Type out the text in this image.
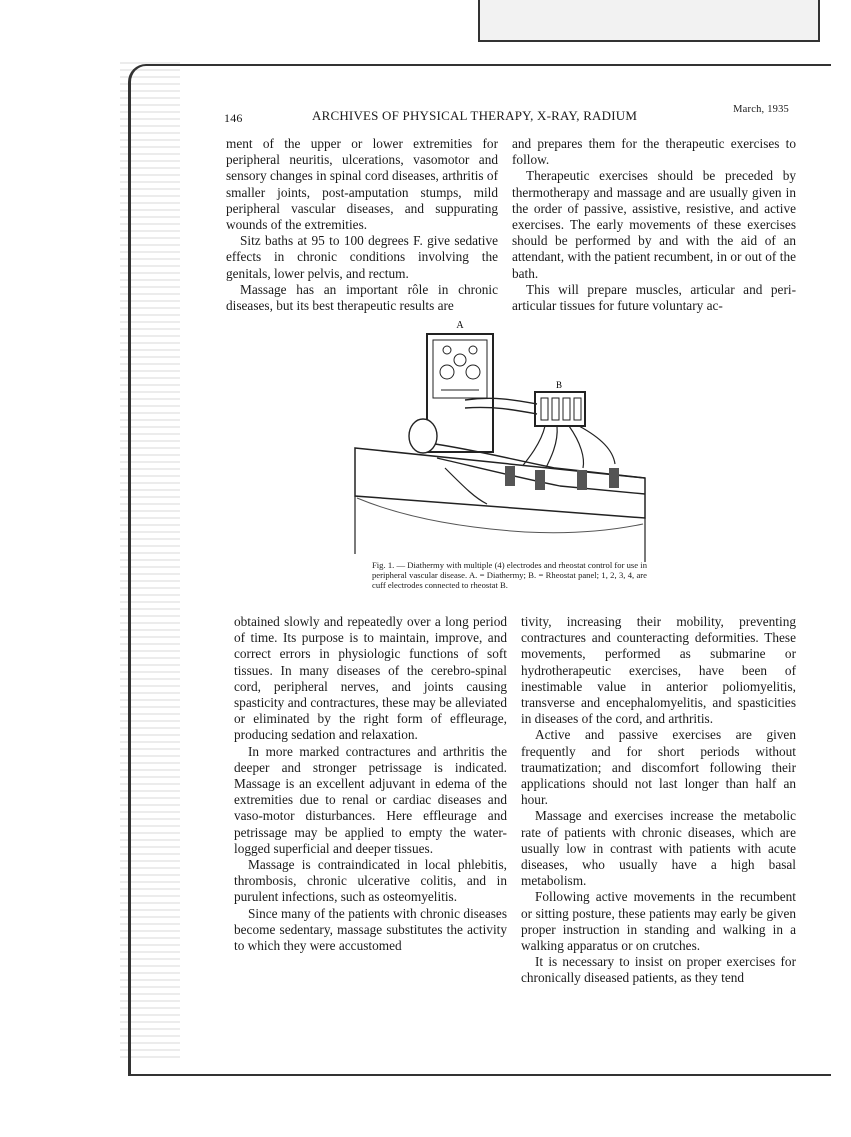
146	ARCHIVES OF PHYSICAL THERAPY, X-RAY, RADIUM	March, 1935

ment of the upper or lower extremities for peripheral neuritis, ulcerations, vasomotor and sensory changes in spinal cord diseases, arthritis of smaller joints, post-amputation stumps, mild peripheral vascular diseases, and suppurating wounds of the extremities.

Sitz baths at 95 to 100 degrees F. give sedative effects in chronic conditions involving the genitals, lower pelvis, and rectum.

Massage has an important rôle in chronic diseases, but its best therapeutic results are

and prepares them for the therapeutic exercises to follow.

Therapeutic exercises should be preceded by thermotherapy and massage and are usually given in the order of passive, assistive, resistive, and active exercises. The early movements of these exercises should be performed by and with the aid of an attendant, with the patient recumbent, in or out of the bath.

This will prepare muscles, articular and peri-articular tissues for future voluntary ac-

A
B
Fig. 1. — Diathermy with multiple (4) electrodes and rheostat control for use in peripheral vascular disease. A. = Diathermy; B. = Rheostat panel; 1, 2, 3, 4, are cuff electrodes connected to rheostat B.

obtained slowly and repeatedly over a long period of time. Its purpose is to maintain, improve, and correct errors in physiologic functions of soft tissues. In many diseases of the cerebro-spinal cord, peripheral nerves, and joints causing spasticity and contractures, these may be alleviated or eliminated by the right form of effleurage, producing sedation and relaxation.

In more marked contractures and arthritis the deeper and stronger petrissage is indicated. Massage is an excellent adjuvant in edema of the extremities due to renal or cardiac diseases and vaso-motor disturbances. Here effleurage and petrissage may be applied to empty the water-logged superficial and deeper tissues.

Massage is contraindicated in local phlebitis, thrombosis, chronic ulcerative colitis, and in purulent infections, such as osteomyelitis.

Since many of the patients with chronic diseases become sedentary, massage substitutes the activity to which they were accustomed

tivity, increasing their mobility, preventing contractures and counteracting deformities. These movements, performed as submarine or hydrotherapeutic exercises, have been of inestimable value in anterior poliomyelitis, transverse and encephalomyelitis, and spasticities in diseases of the cord, and arthritis.

Active and passive exercises are given frequently and for short periods without traumatization; and discomfort following their applications should not last longer than half an hour.

Massage and exercises increase the metabolic rate of patients with chronic diseases, which are usually low in contrast with patients with acute diseases, who usually have a high basal metabolism.

Following active movements in the recumbent or sitting posture, these patients may early be given proper instruction in standing and walking in a walking apparatus or on crutches.

It is necessary to insist on proper exercises for chronically diseased patients, as they tend
